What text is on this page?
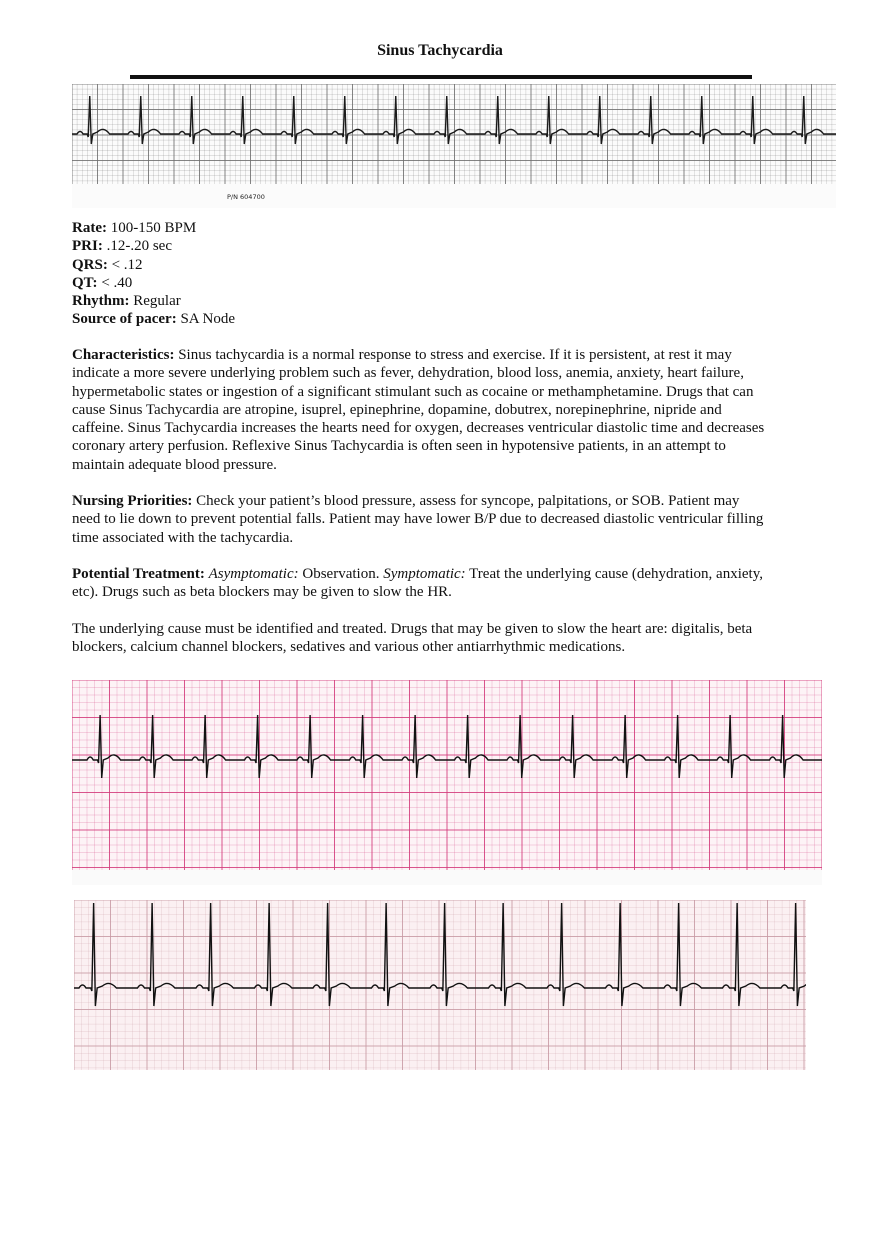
Sinus Tachycardia
P/N 604700
Rate: 100-150 BPM
PRI: .12-.20 sec
QRS: < .12
QT: < .40
Rhythm: Regular
Source of pacer: SA Node
Characteristics: Sinus tachycardia is a normal response to stress and exercise. If it is persistent, at rest it may
indicate a more severe underlying problem such as fever, dehydration, blood loss, anemia, anxiety, heart failure,
hypermetabolic states or ingestion of a significant stimulant such as cocaine or methamphetamine. Drugs that can
cause Sinus Tachycardia are atropine, isuprel, epinephrine, dopamine, dobutrex, norepinephrine, nipride and
caffeine. Sinus Tachycardia increases the hearts need for oxygen, decreases ventricular diastolic time and decreases
coronary artery perfusion. Reflexive Sinus Tachycardia is often seen in hypotensive patients, in an attempt to
maintain adequate blood pressure.
Nursing Priorities: Check your patient’s blood pressure, assess for syncope, palpitations, or SOB. Patient may
need to lie down to prevent potential falls. Patient may have lower B/P due to decreased diastolic ventricular filling
time associated with the tachycardia.
Potential Treatment: Asymptomatic: Observation. Symptomatic: Treat the underlying cause (dehydration, anxiety,
etc). Drugs such as beta blockers may be given to slow the HR.
The underlying cause must be identified and treated. Drugs that may be given to slow the heart are: digitalis, beta
blockers, calcium channel blockers, sedatives and various other antiarrhythmic medications.
